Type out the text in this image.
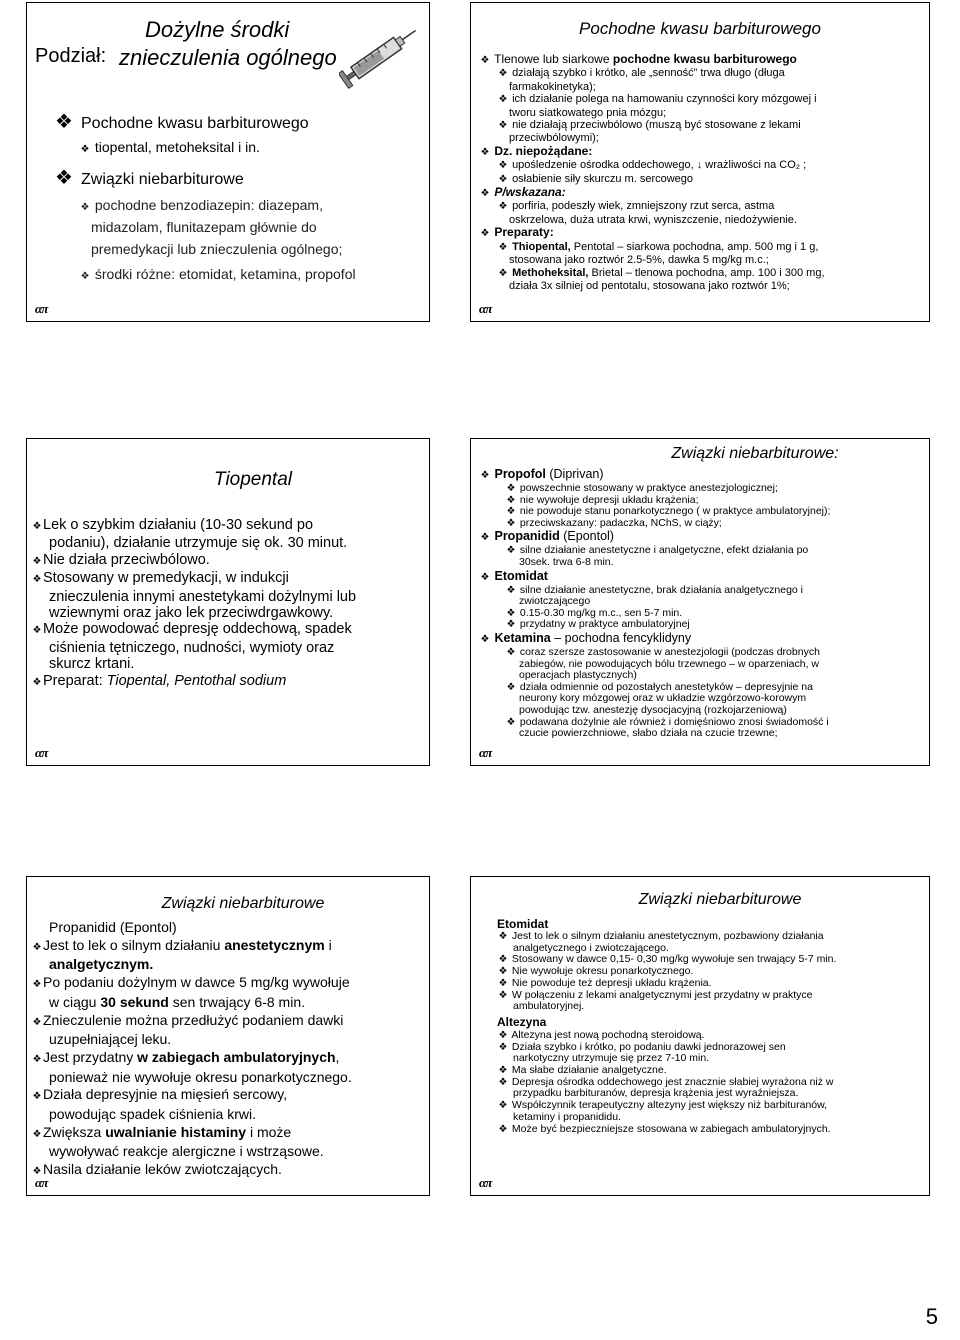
Podział:
Dożylne środki
znieczulenia ogólnego
❖ Pochodne kwasu barbiturowego
❖ tiopental, metoheksital i in.
❖ Związki niebarbiturowe
❖ pochodne benzodiazepin: diazepam,
midazolam, flunitazepam głównie do
premedykacji lub znieczulenia ogólnego;
❖ środki różne: etomidat, ketamina, propofol
απ
Pochodne kwasu barbiturowego
❖ Tlenowe lub siarkowe pochodne kwasu barbiturowego
❖ działają szybko i krótko, ale „senność” trwa długo (długa
farmakokinetyka);
❖ ich działanie polega na hamowaniu czynności kory mózgowej i
tworu siatkowatego pnia mózgu;
❖ nie działają przeciwbólowo (muszą być stosowane z lekami
przeciwbólowymi);
❖ Dz. niepożądane:
❖ upośledzenie ośrodka oddechowego, ↓ wrażliwości na CO₂ ;
❖ osłabienie siły skurczu m. sercowego
❖ P/wskazana:
❖ porfiria, podeszły wiek, zmniejszony rzut serca, astma
oskrzelowa, duża utrata krwi, wyniszczenie, niedożywienie.
❖ Preparaty:
❖ Thiopental, Pentotal – siarkowa pochodna, amp. 500 mg i 1 g,
stosowana jako roztwór 2.5-5%, dawka 5 mg/kg m.c.;
❖ Methoheksital, Brietal – tlenowa pochodna, amp. 100 i 300 mg,
działa 3x silniej od pentotalu, stosowana jako roztwór 1%;
απ
Tiopental
❖ Lek o szybkim działaniu (10-30 sekund po
podaniu), działanie utrzymuje się ok. 30 minut.
❖ Nie działa przeciwbólowo.
❖ Stosowany w premedykacji, w indukcji
znieczulenia innymi anestetykami dożylnymi lub
wziewnymi oraz jako lek przeciwdrgawkowy.
❖ Może powodować depresję oddechową, spadek
ciśnienia tętniczego, nudności, wymioty oraz
skurcz krtani.
❖ Preparat: Tiopental, Pentothal sodium
απ
Związki niebarbiturowe:
❖ Propofol (Diprivan)
❖ powszechnie stosowany w praktyce anestezjologicznej;
❖ nie wywołuje depresji układu krążenia;
❖ nie powoduje stanu ponarkotycznego ( w praktyce ambulatoryjnej);
❖ przeciwskazany: padaczka, NChS, w ciąży;
❖ Propanidid (Epontol)
❖ silne działanie anestetyczne i analgetyczne, efekt działania po
30sek. trwa 6-8 min.
❖ Etomidat
❖ silne działanie anestetyczne, brak działania analgetycznego i
zwiotczającego
❖ 0.15-0.30 mg/kg m.c., sen 5-7 min.
❖ przydatny w praktyce ambulatoryjnej
❖ Ketamina – pochodna fencyklidyny
❖ coraz szersze zastosowanie w anestezjologii (podczas drobnych
zabiegów, nie powodujących bólu trzewnego – w oparzeniach, w
operacjach plastycznych)
❖ działa odmiennie od pozostałych anestetyków – depresyjnie na
neurony kory mózgowej oraz w układzie wzgórzowo-korowym
powodując tzw. anestezję dysocjacyjną (rozkojarzeniową)
❖ podawana dożylnie ale również i domięśniowo znosi świadomość i
czucie powierzchniowe, słabo działa na czucie trzewne;
απ
Związki niebarbiturowe
Propanidid (Epontol)
❖ Jest to lek o silnym działaniu anestetycznym i
analgetycznym.
❖ Po podaniu dożylnym w dawce 5 mg/kg wywołuje
w ciągu 30 sekund sen trwający 6-8 min.
❖ Znieczulenie można przedłużyć podaniem dawki
uzupełniającej leku.
❖ Jest przydatny w zabiegach ambulatoryjnych,
ponieważ nie wywołuje okresu ponarkotycznego.
❖ Działa depresyjnie na mięsień sercowy,
powodując spadek ciśnienia krwi.
❖ Zwiększa uwalnianie histaminy i może
wywoływać reakcje alergiczne i wstrząsowe.
❖ Nasila działanie leków zwiotczających.
απ
Związki niebarbiturowe
Etomidat
❖ Jest to lek o silnym działaniu anestetycznym, pozbawiony działania
analgetycznego i zwiotczającego.
❖ Stosowany w dawce 0,15- 0,30 mg/kg wywołuje sen trwający 5-7 min.
❖ Nie wywołuje okresu ponarkotycznego.
❖ Nie powoduje też depresji układu krążenia.
❖ W połączeniu z lekami analgetycznymi jest przydatny w praktyce
ambulatoryjnej.
Altezyna
❖ Altezyna jest nową pochodną steroidową.
❖ Działa szybko i krótko, po podaniu dawki jednorazowej sen
narkotyczny utrzymuje się przez 7-10 min.
❖ Ma słabe działanie analgetyczne.
❖ Depresja ośrodka oddechowego jest znacznie słabiej wyrażona niż w
przypadku barbituranów, depresja krążenia jest wyraźniejsza.
❖ Współczynnik terapeutyczny altezyny jest większy niż barbituranów,
ketaminy i propanididu.
❖ Może być bezpieczniejsze stosowana w zabiegach ambulatoryjnych.
απ
5
